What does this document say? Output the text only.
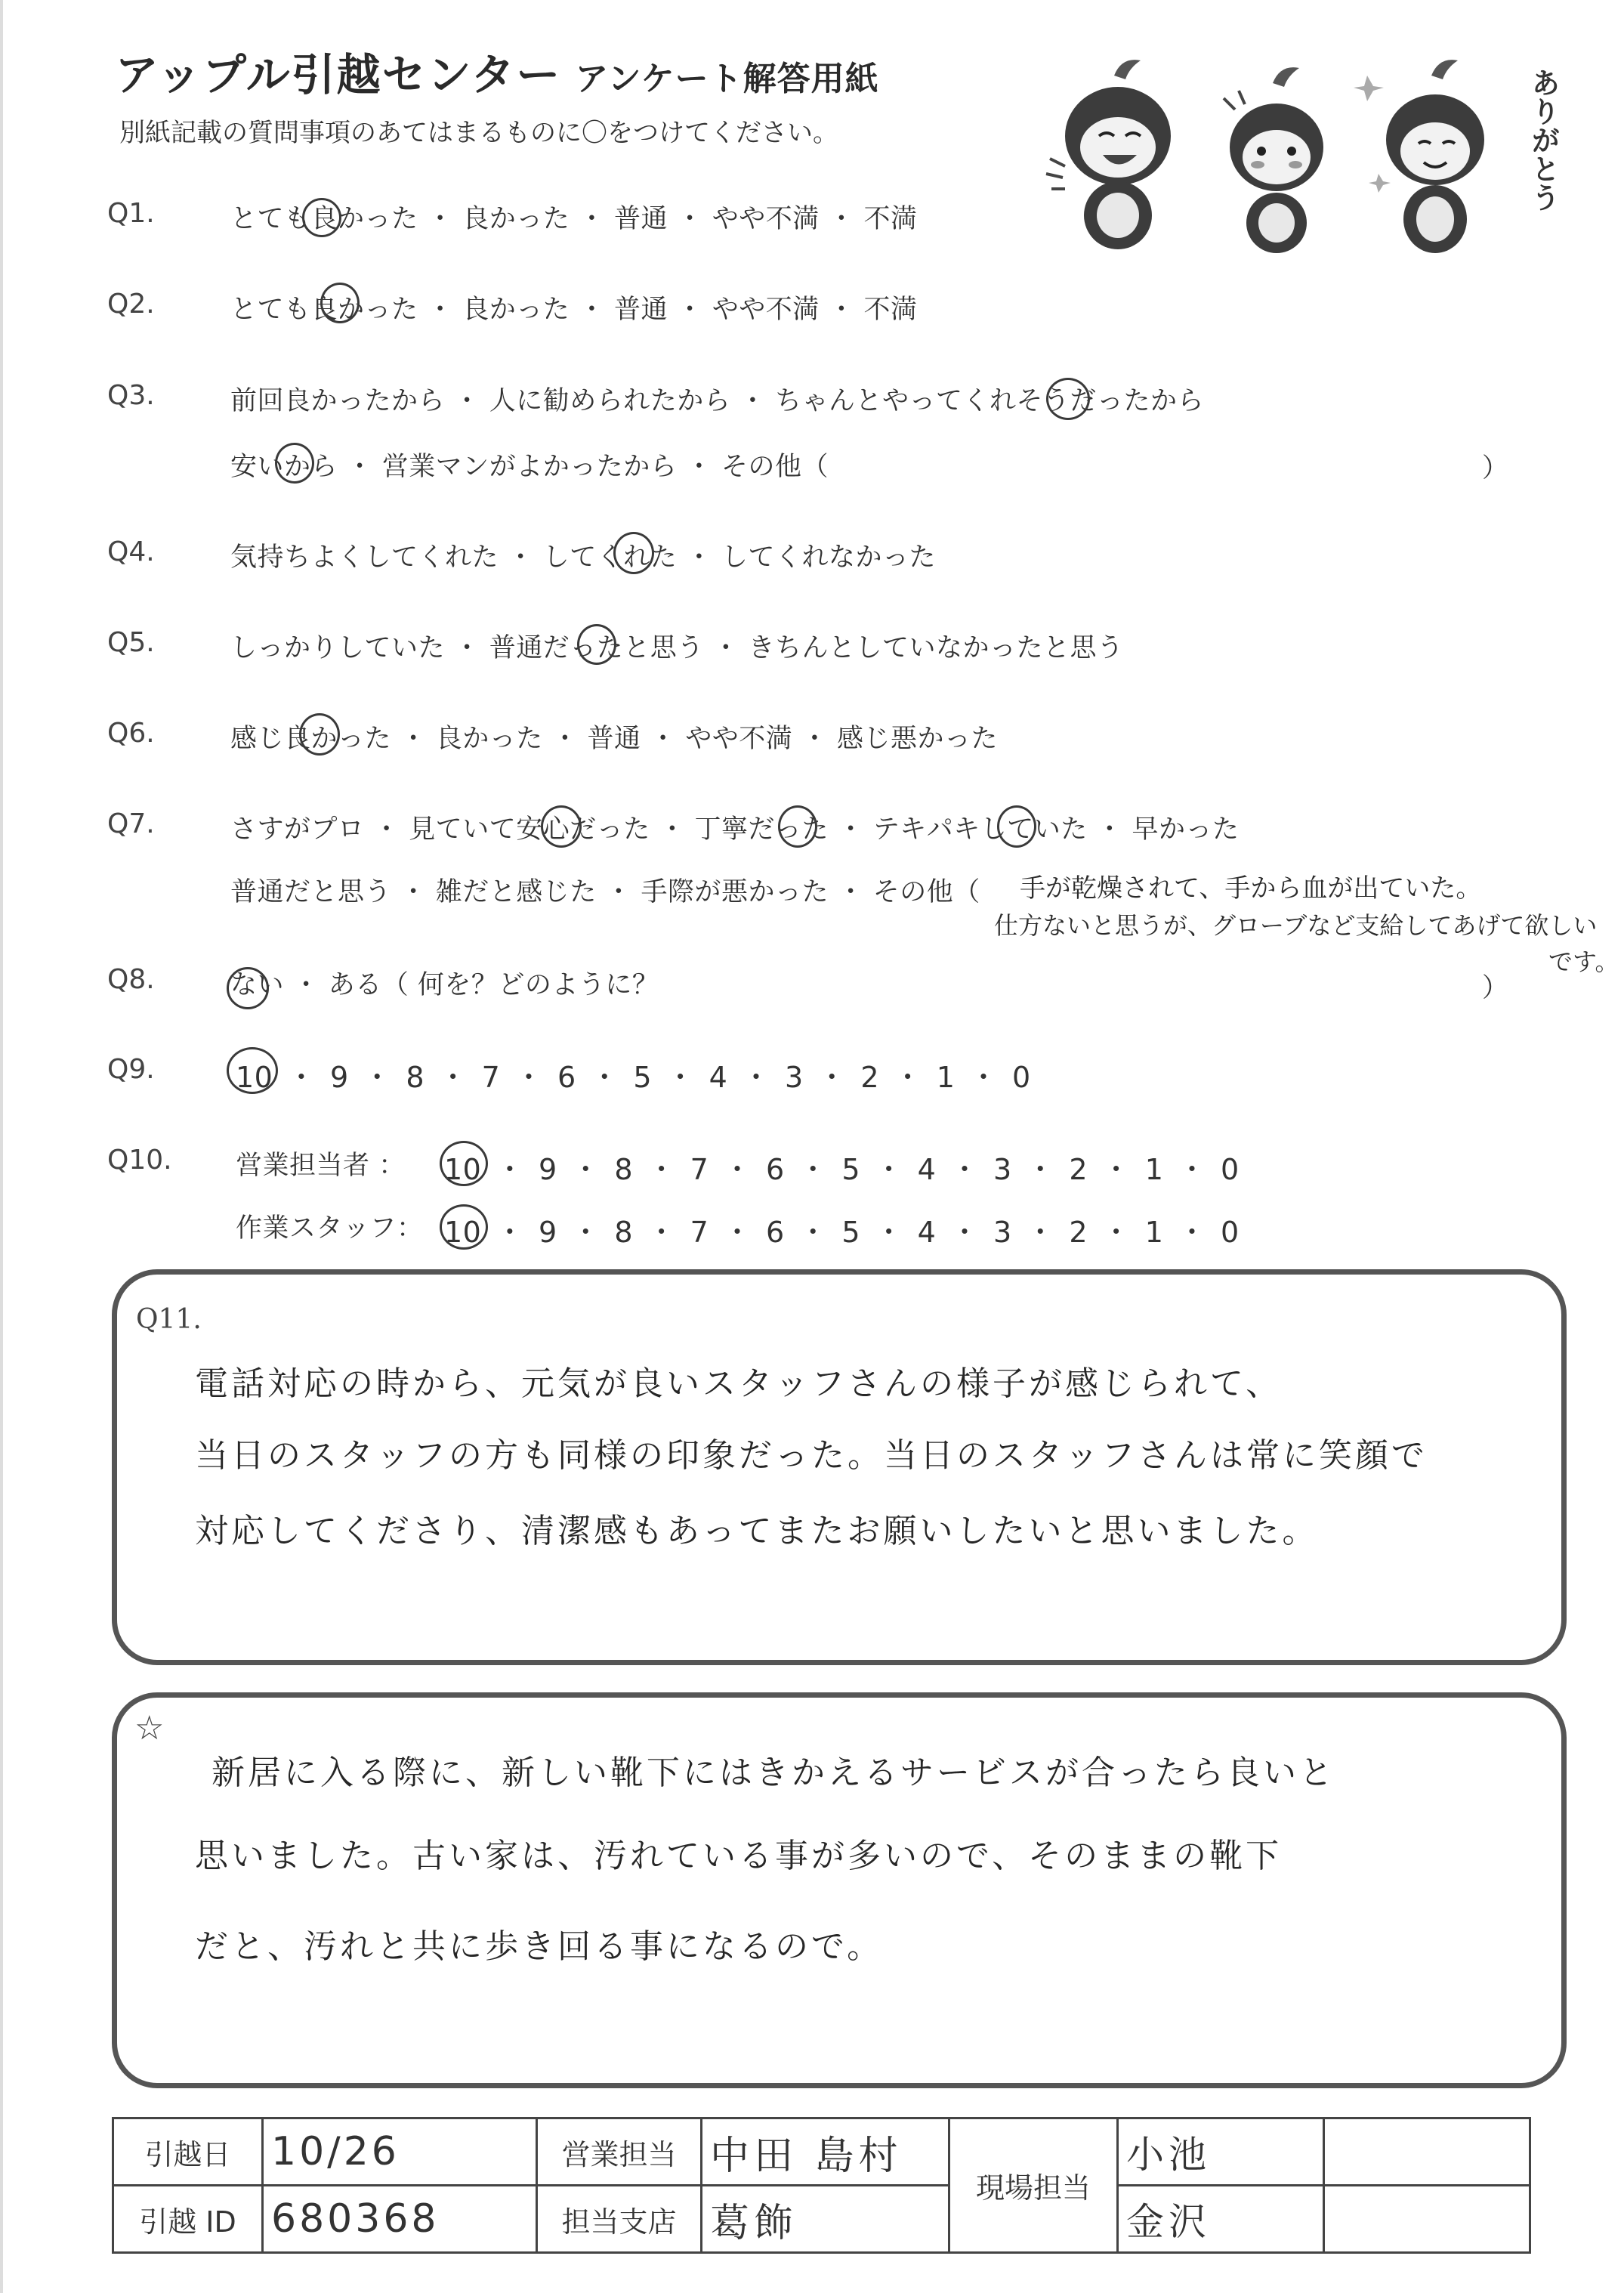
アップル引越センター アンケート解答用紙
別紙記載の質問事項のあてはまるものに〇をつけてください。	ありがとう
Q1.	とても良かった ・ 良かった ・ 普通 ・ やや不満 ・ 不満
Q2.	とても良かった ・ 良かった ・ 普通 ・ やや不満 ・ 不満
Q3.	前回良かったから ・ 人に勧められたから ・ ちゃんとやってくれそうだったから
安いから ・ 営業マンがよかったから ・ その他（	）
Q4.	気持ちよくしてくれた ・ してくれた ・ してくれなかった
Q5.	しっかりしていた ・ 普通だったと思う ・ きちんとしていなかったと思う
Q6.	感じ良かった ・ 良かった ・ 普通 ・ やや不満 ・ 感じ悪かった
Q7.	さすがプロ ・ 見ていて安心だった ・ 丁寧だった ・ テキパキしていた ・ 早かった
普通だと思う ・ 雑だと感じた ・ 手際が悪かった ・ その他（ 手が乾燥されて、手から血が出ていた。
仕方ないと思うが、グローブなど支給してあげて欲しい
です。
Q8.	ない ・ ある（ 何を？どのように？	）
Q9.	10 ・ 9 ・ 8 ・ 7 ・ 6 ・ 5 ・ 4 ・ 3 ・ 2 ・ 1 ・ 0
Q10. 営業担当者 ： 10 ・ 9 ・ 8 ・ 7 ・ 6 ・ 5 ・ 4 ・ 3 ・ 2 ・ 1 ・ 0
作業スタッフ： 10 ・ 9 ・ 8 ・ 7 ・ 6 ・ 5 ・ 4 ・ 3 ・ 2 ・ 1 ・ 0
Q11.
電話対応の時から、元気が良いスタッフさんの様子が感じられて、
当日のスタッフの方も同様の印象だった。当日のスタッフさんは常に笑顔で
対応してくださり、清潔感もあってまたお願いしたいと思いました。
☆
新居に入る際に、新しい靴下にはきかえるサービスが合ったら良いと
思いました。古い家は、汚れている事が多いので、そのままの靴下
だと、汚れと共に歩き回る事になるので。
引越日	10/26	営業担当	中田 島村	現場担当	小池	
引越 ID	680368	担当支店	葛飾		金沢	
